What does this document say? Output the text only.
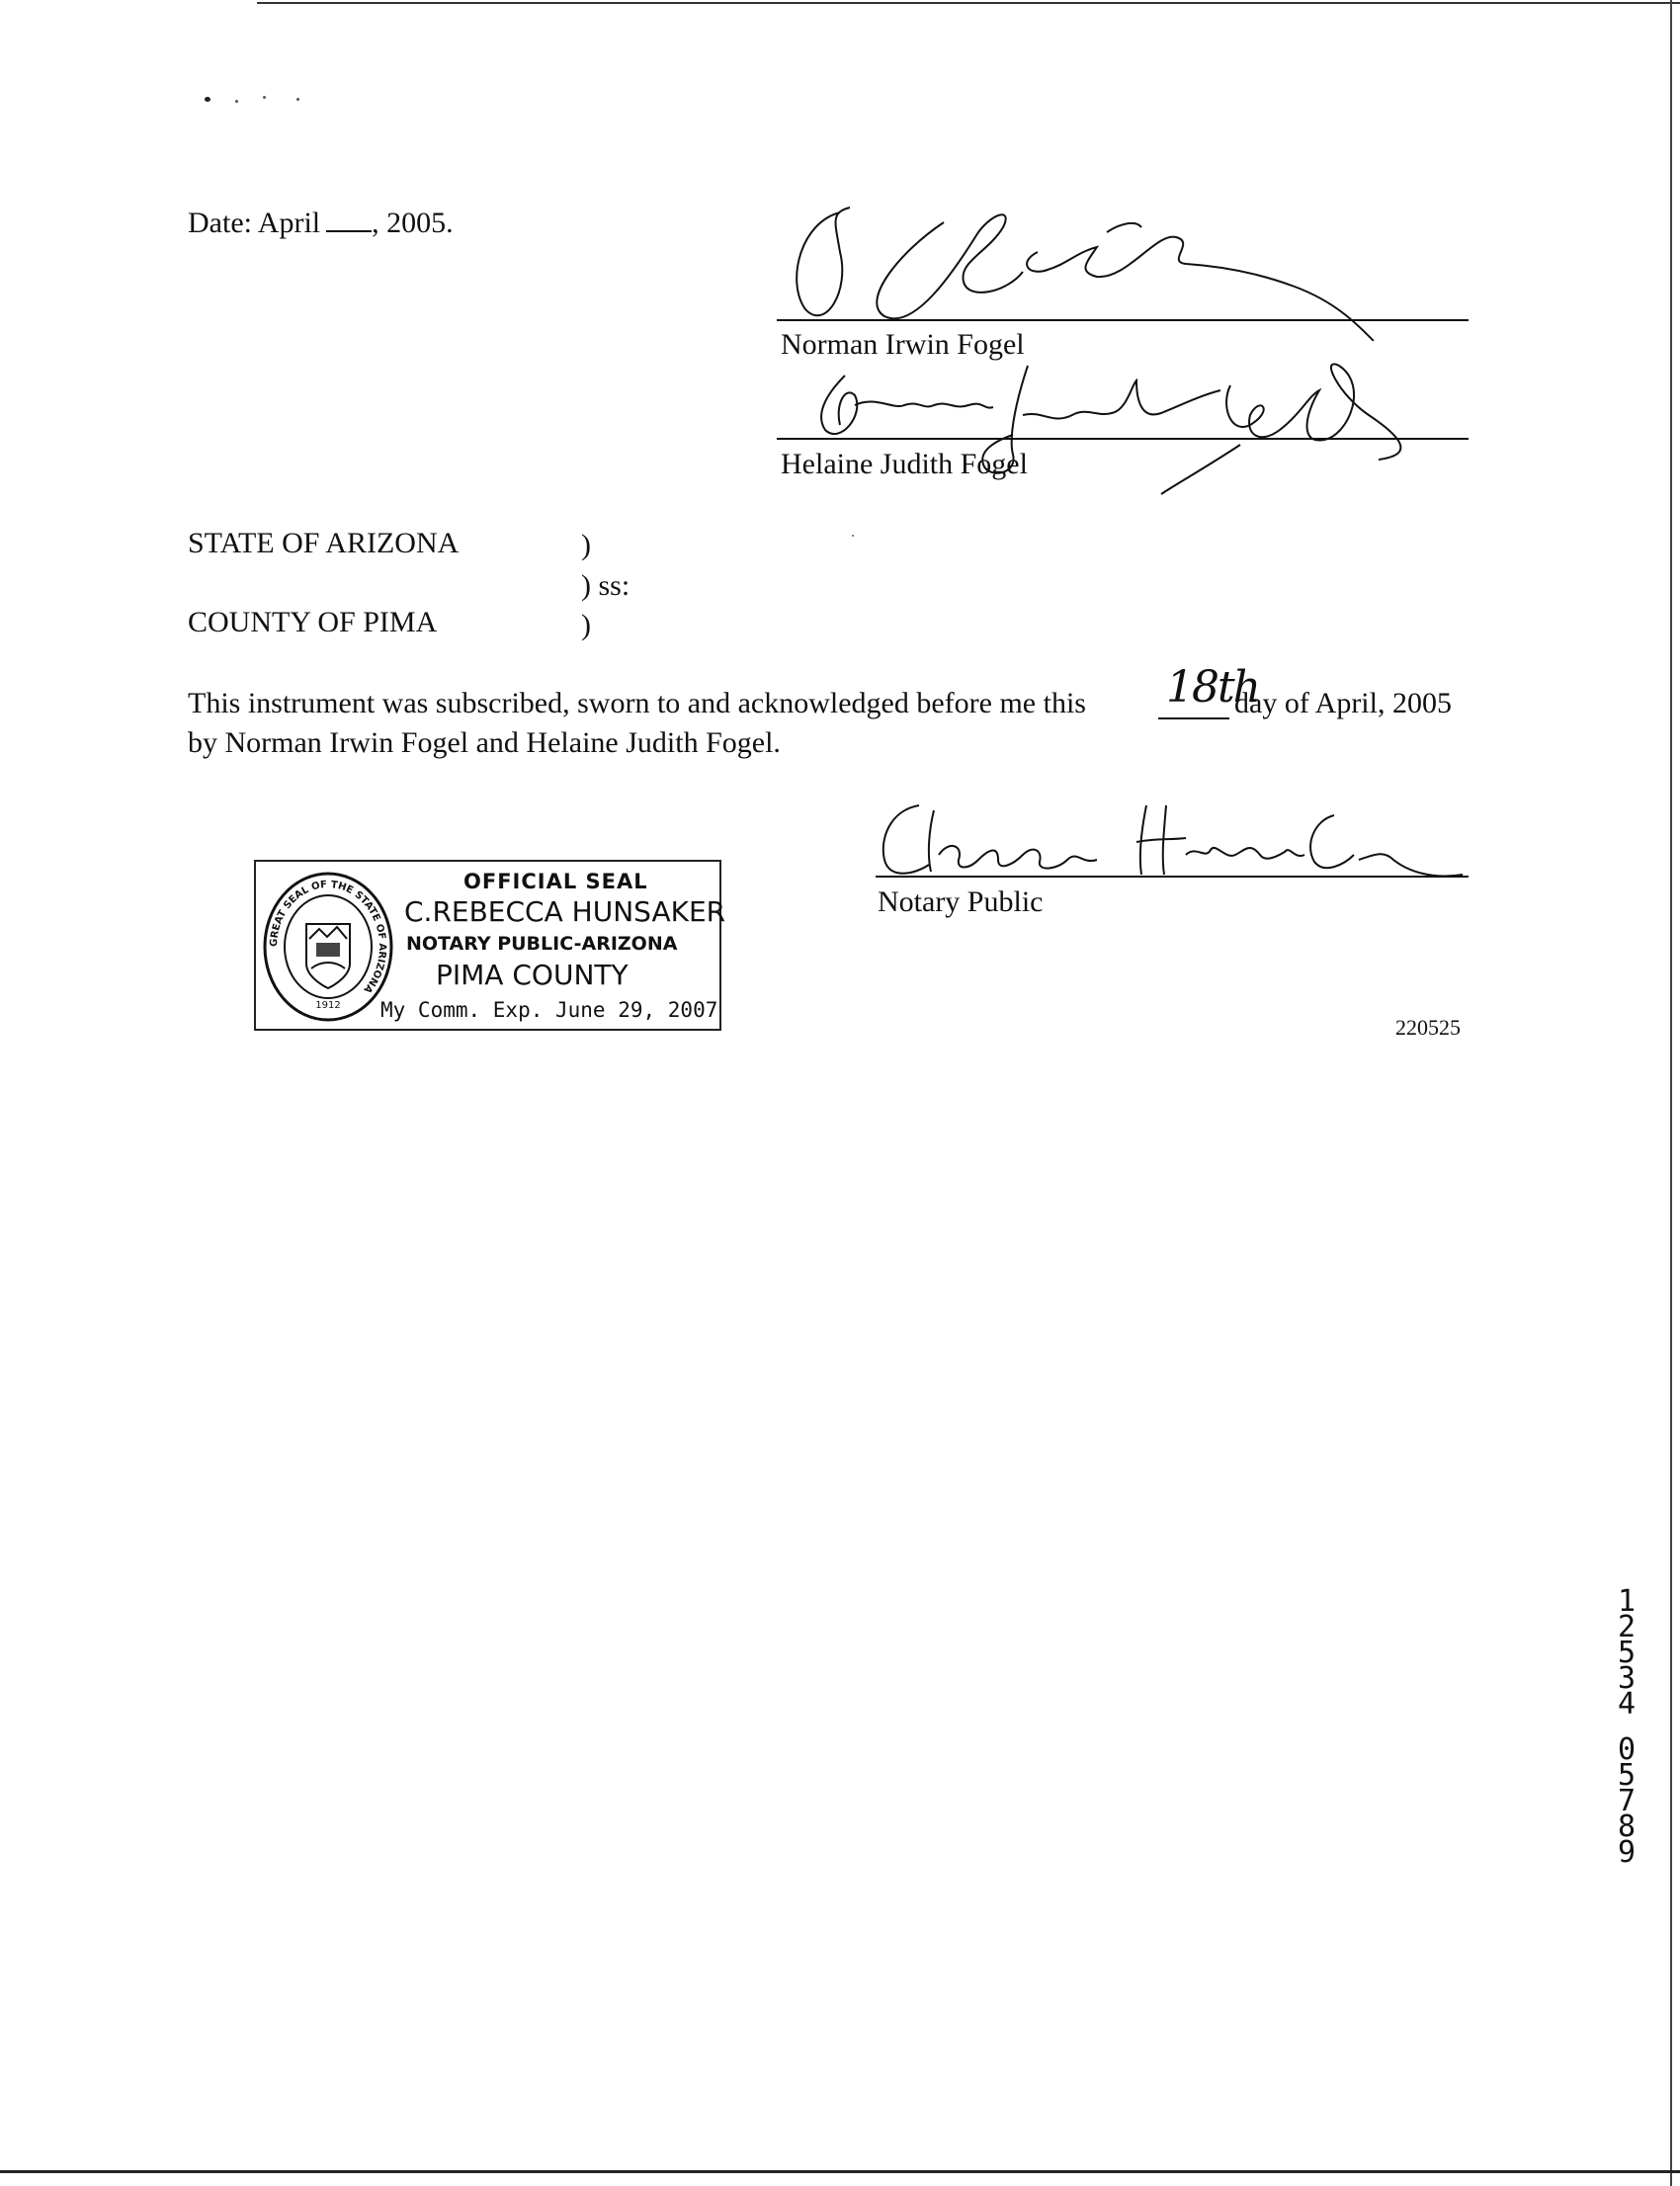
Date: April , 2005.
Norman Irwin Fogel
Helaine Judith Fogel
STATE OF ARIZONA	)
) ss:
COUNTY OF PIMA	)
This instrument was subscribed, sworn to and acknowledged before me this 18th
day of April, 2005
by Norman Irwin Fogel and Helaine Judith Fogel.
Notary Public
GREAT SEAL OF THE STATE OF ARIZONA
1912
OFFICIAL SEAL
C.REBECCA HUNSAKER
NOTARY PUBLIC-ARIZONA
PIMA COUNTY
My Comm. Exp. June 29, 2007
220525
1
2
5
3
4
0
5
7
8
9
